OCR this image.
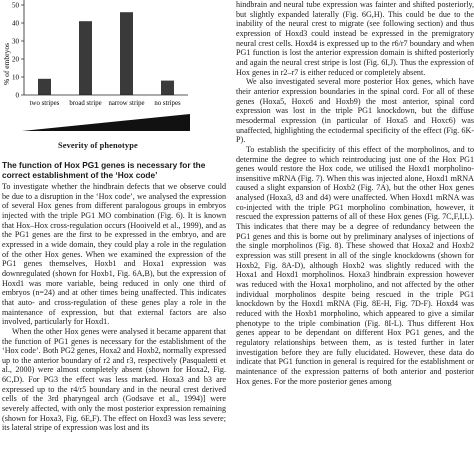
% of embryos
50
40
30
20
10
0
two stripes broad stripe narrow stripe no stripes
Severity of phenotype
The function of Hox PG1 genes is necessary for the correct establishment of the ‘Hox code’
To investigate whether the hindbrain defects that we observe could be due to a disruption in the ‘Hox code’, we analysed the expression of several Hox genes from different paralogous groups in embryos injected with the triple PG1 MO combination (Fig. 6). It is known that Hox–Hox cross-regulation occurs (Hooiveld et al., 1999), and as the PG1 genes are the first to be expressed in the embryo, and are expressed in a wide domain, they could play a role in the regulation of the other Hox genes. When we examined the expression of the PG1 genes themselves, Hoxb1 and Hoxa1 expression was downregulated (shown for Hoxb1, Fig. 6A,B), but the expression of Hoxd1 was more variable, being reduced in only one third of embryos (n=24) and at other times being unaffected. This indicates that auto- and cross-regulation of these genes play a role in the maintenance of expression, but that external factors are also involved, particularly for Hoxd1.
When the other Hox genes were analysed it became apparent that the function of PG1 genes is necessary for the establishment of the ‘Hox code’. Both PG2 genes, Hoxa2 and Hoxb2, normally expressed up to the anterior boundary of r2 and r3, respectively (Pasqualetti et al., 2000) were almost completely absent (shown for Hoxa2, Fig. 6C,D). For PG3 the effect was less marked. Hoxa3 and b3 are expressed up to the r4/r5 boundary and in the neural crest derived cells of the 3rd pharyngeal arch (Godsave et al., 1994)] were severely affected, with only the most posterior expression remaining (shown for Hoxa3, Fig. 6E,F). The effect on Hoxd3 was less severe; its lateral stripe of expression was lost and its
hindbrain and neural tube expression was fainter and shifted posteriorly, but slightly expanded laterally (Fig. 6G,H). This could be due to the inability of the neural crest to migrate (see following section) and thus expression of Hoxd3 could instead be expressed in the premigratory neural crest cells. Hoxd4 is expressed up to the r6/r7 boundary and when PG1 function is lost the anterior expression domain is shifted posteriorly and again the neural crest stripe is lost (Fig. 6I,J). Thus the expression of Hox genes in r2–r7 is either reduced or completely absent.
We also investigated several more posterior Hox genes, which have their anterior expression boundaries in the spinal cord. For all of these genes (Hoxa5, Hoxc6 and Hoxb9) the most anterior, spinal cord expression was lost in the triple PG1 knockdown, but the diffuse mesodermal expression (in particular of Hoxa5 and Hoxc6) was unaffected, highlighting the ectodermal specificity of the effect (Fig. 6K-P).
To establish the specificity of this effect of the morpholinos, and to determine the degree to which reintroducing just one of the Hox PG1 genes would restore the Hox code, we utilised the Hoxd1 morpholino-insensitive mRNA (Fig. 7). When this was injected alone, Hoxd1 mRNA caused a slight expansion of Hoxb2 (Fig. 7A), but the other Hox genes analysed (Hoxa3, d3 and d4) were unaffected. When Hoxd1 mRNA was co-injected with the triple PG1 morpholino combination, however, it rescued the expression patterns of all of these Hox genes (Fig. 7C,F,I,L). This indicates that there may be a degree of redundancy between the PG1 genes and this is borne out by preliminary analyses of injections of the single morpholinos (Fig. 8). These showed that Hoxa2 and Hoxb2 expression was still present in all of the single knockdowns (shown for Hoxb2, Fig. 8A-D), although Hoxb2 was slightly reduced with the Hoxa1 and Hoxd1 morpholinos. Hoxa3 hindbrain expression however was reduced with the Hoxa1 morpholino, and not affected by the other individual morpholinos despite being rescued in the triple PG1 knockdown by the Hoxd1 mRNA (Fig. 8E-H, Fig. 7D-F). Hoxd4 was reduced with the Hoxb1 morpholino, which appeared to give a similar phenotype to the triple combination (Fig. 8I-L). Thus different Hox genes appear to be dependant on different Hox PG1 genes, and the regulatory relationships between them, as is tested further in later investigation before they are fully elucidated. However, these data do indicate that PG1 function in general is required for the establishment or maintenance of the expression patterns of both anterior and posterior Hox genes. For the more posterior genes among
